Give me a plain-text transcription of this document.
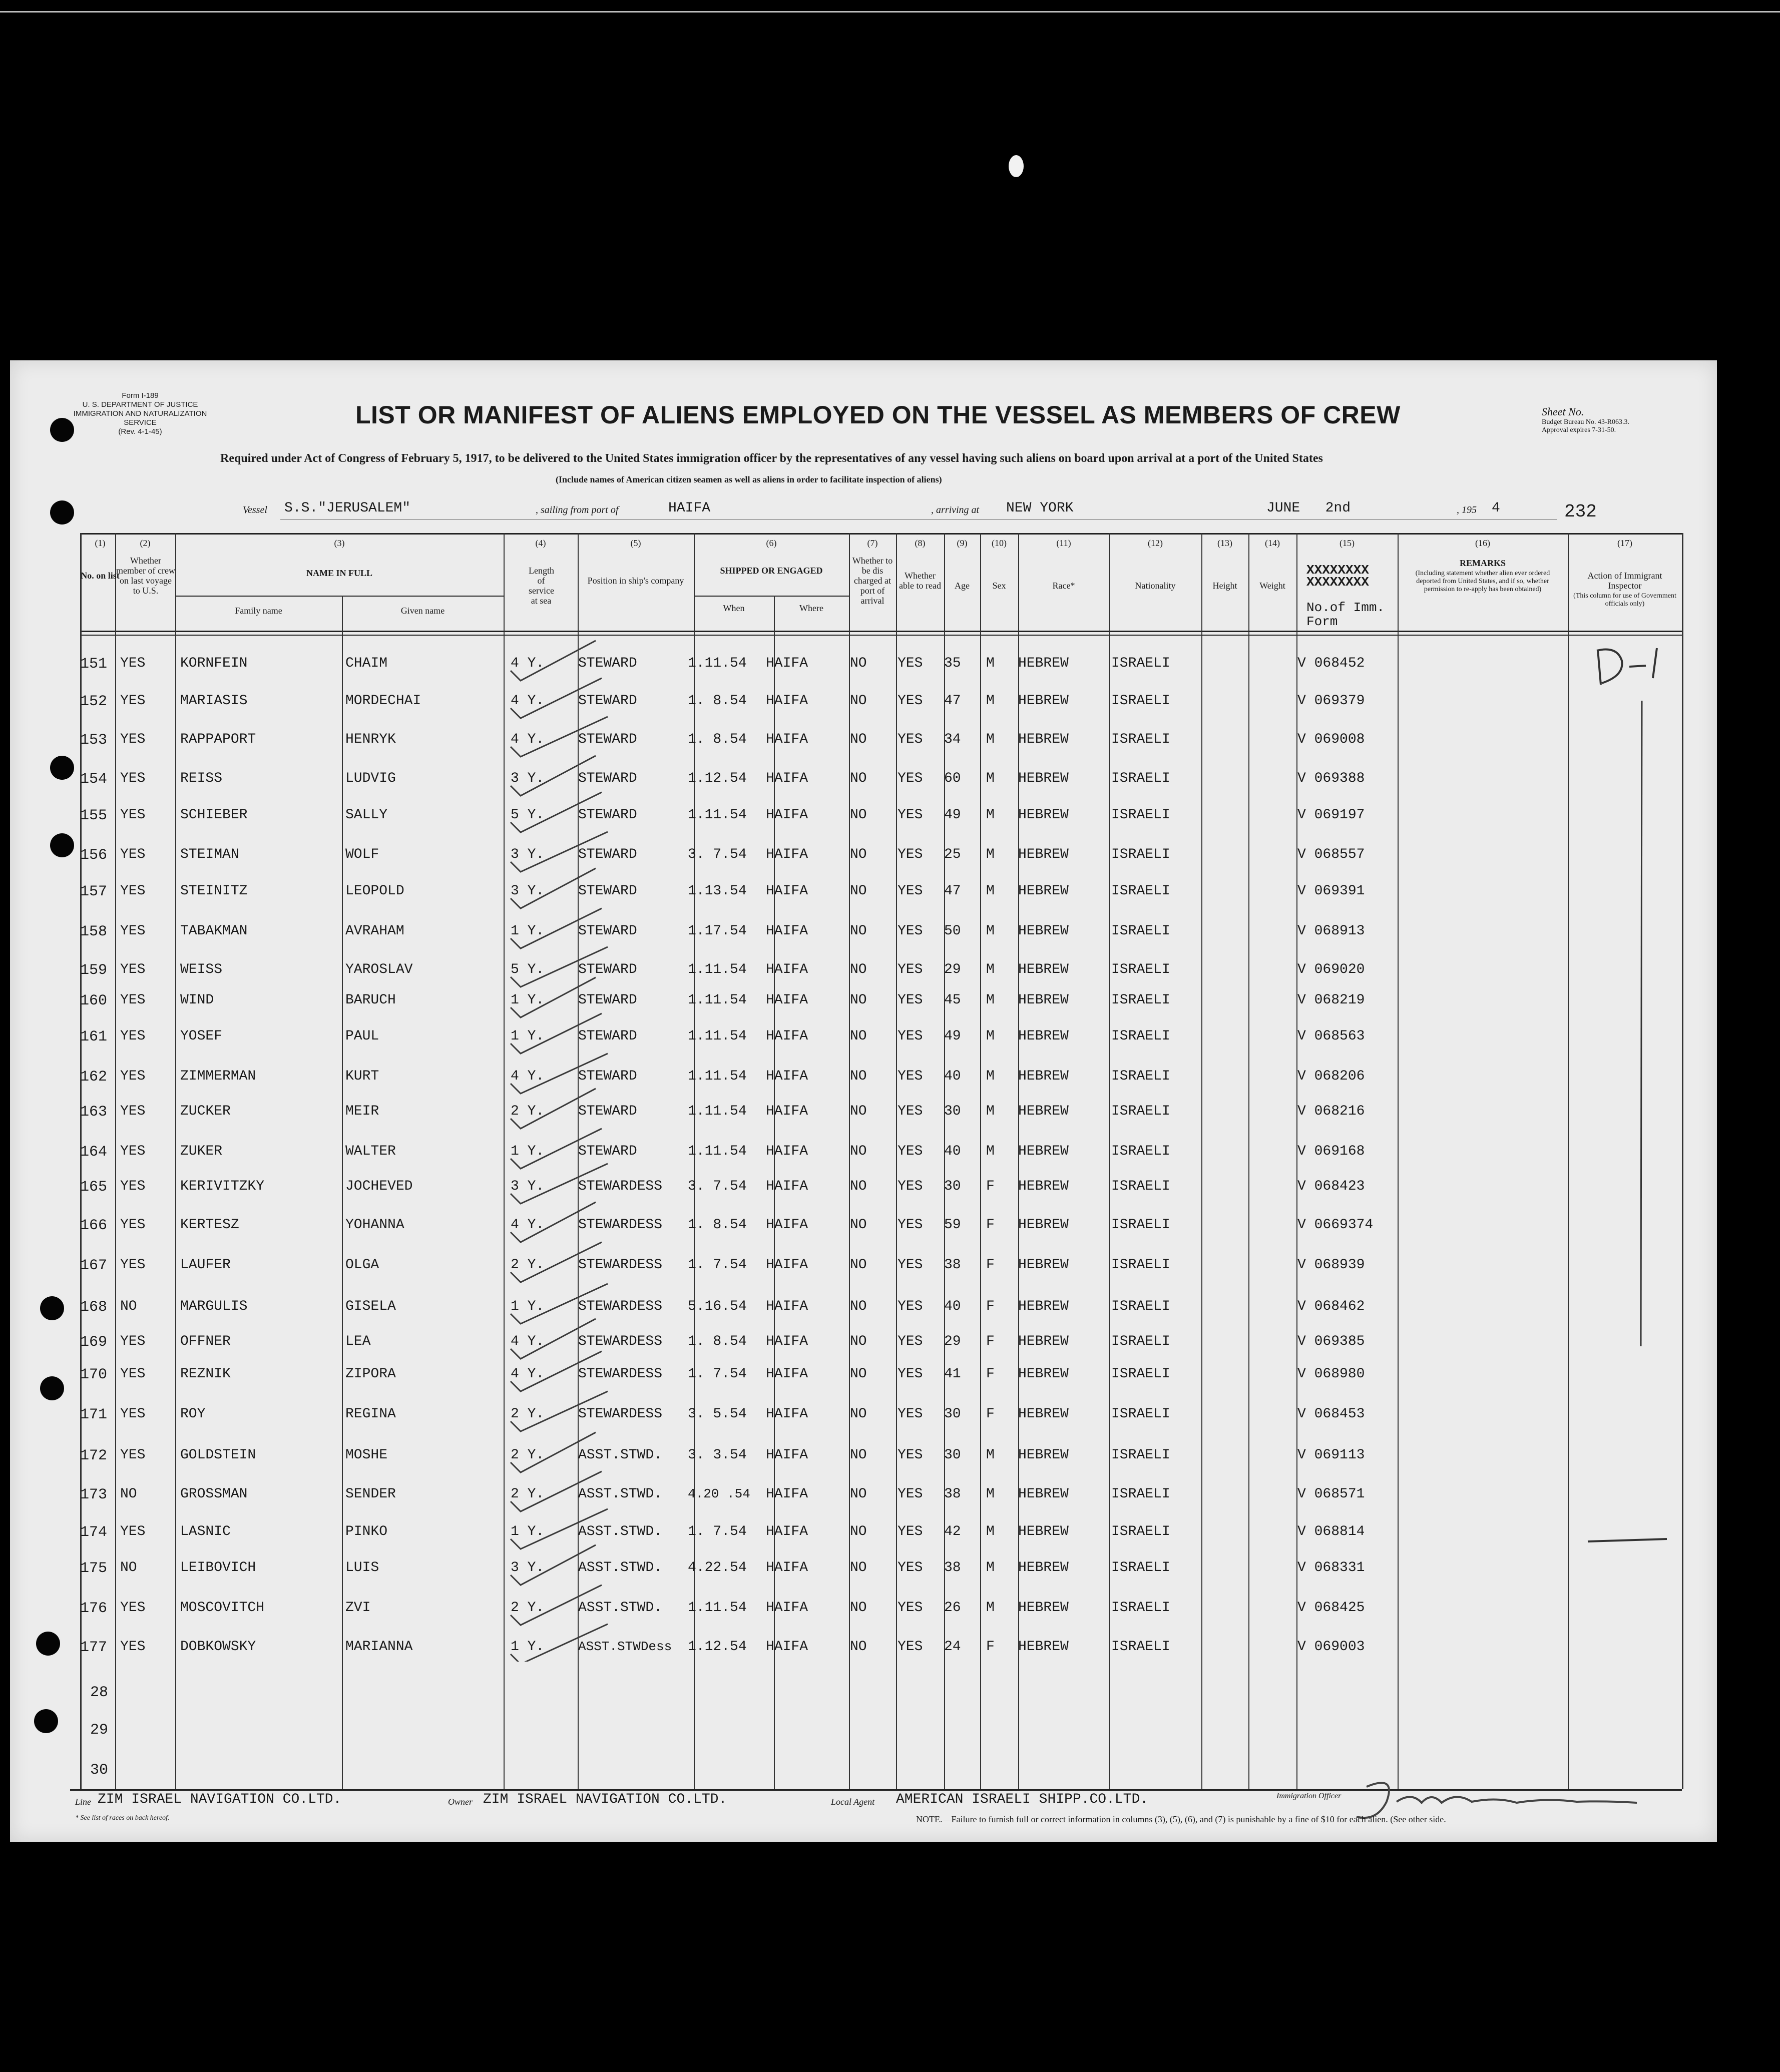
Form I-189
U. S. DEPARTMENT OF JUSTICE
IMMIGRATION AND NATURALIZATION SERVICE
(Rev. 4-1-45)
LIST OR MANIFEST OF ALIENS EMPLOYED ON THE VESSEL AS MEMBERS OF CREW	Sheet No.
Budget Bureau No. 43-R063.3.
Approval expires 7-31-50.
Required under Act of Congress of February 5, 1917, to be delivered to the United States immigration officer by the representatives of any vessel having such aliens on board upon arrival at a port of the United States
(Include names of American citizen seamen as well as aliens in order to facilitate inspection of aliens)
Vessel S.S."JERUSALEM"	, sailing from port of	HAIFA	, arriving at NEW YORK	JUNE   2nd	, 195 4	232
(1)
No. on list
(2)
Whether member of crew on last voyage to U.S.
(3)
NAME IN FULL
Family name	Given name
(4)
Length of service at sea
(5)
Position in ship's company
(6)
SHIPPED OR ENGAGED
When	Where
(7)
Whether to be dis charged at port of arrival
(8)
Whether able to read
(9)
Age
(10)
Sex
(11)
Race*
(12)
Nationality
(13)
Height
(14)
Weight
(15)
XXXXXXXX
XXXXXXXX
No.of Imm. Form
(16)
REMARKS
(Including statement whether alien ever ordered deported from United States, and if so, whether permission to re-apply has been obtained)
(17)
Action of Immigrant Inspector
(This column for use of Government officials only)
151 YES KORNFEIN	CHAIM	4 Y. STEWARD	1.11.54 HAIFA	NO YES 35 M HEBREW	ISRAELI	V 068452
152 YES MARIASIS	MORDECHAI	4 Y. STEWARD	1. 8.54 HAIFA	NO YES 47 M HEBREW	ISRAELI	V 069379
153 YES RAPPAPORT	HENRYK	4 Y. STEWARD	1. 8.54 HAIFA	NO YES 34 M HEBREW	ISRAELI	V 069008
154 YES REISS	LUDVIG	3 Y. STEWARD	1.12.54 HAIFA	NO YES 60 M HEBREW	ISRAELI	V 069388
155 YES SCHIEBER	SALLY	5 Y. STEWARD	1.11.54 HAIFA	NO YES 49 M HEBREW	ISRAELI	V 069197
156 YES STEIMAN	WOLF	3 Y. STEWARD	3. 7.54 HAIFA	NO YES 25 M HEBREW	ISRAELI	V 068557
157 YES STEINITZ	LEOPOLD	3 Y. STEWARD	1.13.54 HAIFA	NO YES 47 M HEBREW	ISRAELI	V 069391
158 YES TABAKMAN	AVRAHAM	1 Y. STEWARD	1.17.54 HAIFA	NO YES 50 M HEBREW	ISRAELI	V 068913
159 YES WEISS	YAROSLAV	5 Y. STEWARD	1.11.54 HAIFA	NO YES 29 M HEBREW	ISRAELI	V 069020
160 YES WIND	BARUCH	1 Y. STEWARD	1.11.54 HAIFA	NO YES 45 M HEBREW	ISRAELI	V 068219
161 YES YOSEF	PAUL	1 Y. STEWARD	1.11.54 HAIFA	NO YES 49 M HEBREW	ISRAELI	V 068563
162 YES ZIMMERMAN	KURT	4 Y. STEWARD	1.11.54 HAIFA	NO YES 40 M HEBREW	ISRAELI	V 068206
163 YES ZUCKER	MEIR	2 Y. STEWARD	1.11.54 HAIFA	NO YES 30 M HEBREW	ISRAELI	V 068216
164 YES ZUKER	WALTER	1 Y. STEWARD	1.11.54 HAIFA	NO YES 40 M HEBREW	ISRAELI	V 069168
165 YES KERIVITZKY	JOCHEVED	3 Y. STEWARDESS 3. 7.54 HAIFA	NO YES 30 F HEBREW	ISRAELI	V 068423
166 YES KERTESZ	YOHANNA	4 Y. STEWARDESS 1. 8.54 HAIFA	NO YES 59 F HEBREW	ISRAELI	V 0669374
167 YES LAUFER	OLGA	2 Y. STEWARDESS 1. 7.54 HAIFA	NO YES 38 F HEBREW	ISRAELI	V 068939
168 NO	MARGULIS	GISELA	1 Y. STEWARDESS 5.16.54 HAIFA	NO YES 40 F HEBREW	ISRAELI	V 068462
169 YES OFFNER	LEA	4 Y. STEWARDESS 1. 8.54 HAIFA	NO YES 29 F HEBREW	ISRAELI	V 069385
170 YES REZNIK	ZIPORA	4 Y. STEWARDESS 1. 7.54 HAIFA	NO YES 41 F HEBREW	ISRAELI	V 068980
171 YES ROY	REGINA	2 Y. STEWARDESS 3. 5.54 HAIFA	NO YES 30 F HEBREW	ISRAELI	V 068453
172 YES GOLDSTEIN	MOSHE	2 Y. ASST.STWD. 3. 3.54 HAIFA	NO YES 30 M HEBREW	ISRAELI	V 069113
173 NO	GROSSMAN	SENDER	2 Y. ASST.STWD. 4.20 .54 HAIFA	NO YES 38 M HEBREW	ISRAELI	V 068571
174 YES LASNIC	PINKO	1 Y. ASST.STWD. 1. 7.54 HAIFA	NO YES 42 M HEBREW	ISRAELI	V 068814
175 NO	LEIBOVICH	LUIS	3 Y. ASST.STWD. 4.22.54 HAIFA	NO YES 38 M HEBREW	ISRAELI	V 068331
176 YES MOSCOVITCH	ZVI	2 Y. ASST.STWD. 1.11.54 HAIFA	NO YES 26 M HEBREW	ISRAELI	V 068425
177 YES DOBKOWSKY	MARIANNA	1 Y.	ASST.STWDess 1.12.54 HAIFA	NO YES 24 F HEBREW	ISRAELI	V 069003
28
29
30
Line ZIM ISRAEL NAVIGATION CO.LTD.	Owner ZIM ISRAEL NAVIGATION CO.LTD.	Local Agent AMERICAN ISRAELI SHIPP.CO.LTD.	Immigration Officer
* See list of races on back hereof.	NOTE.—Failure to furnish full or correct information in columns (3), (5), (6), and (7) is punishable by a fine of $10 for each alien. (See other side.
